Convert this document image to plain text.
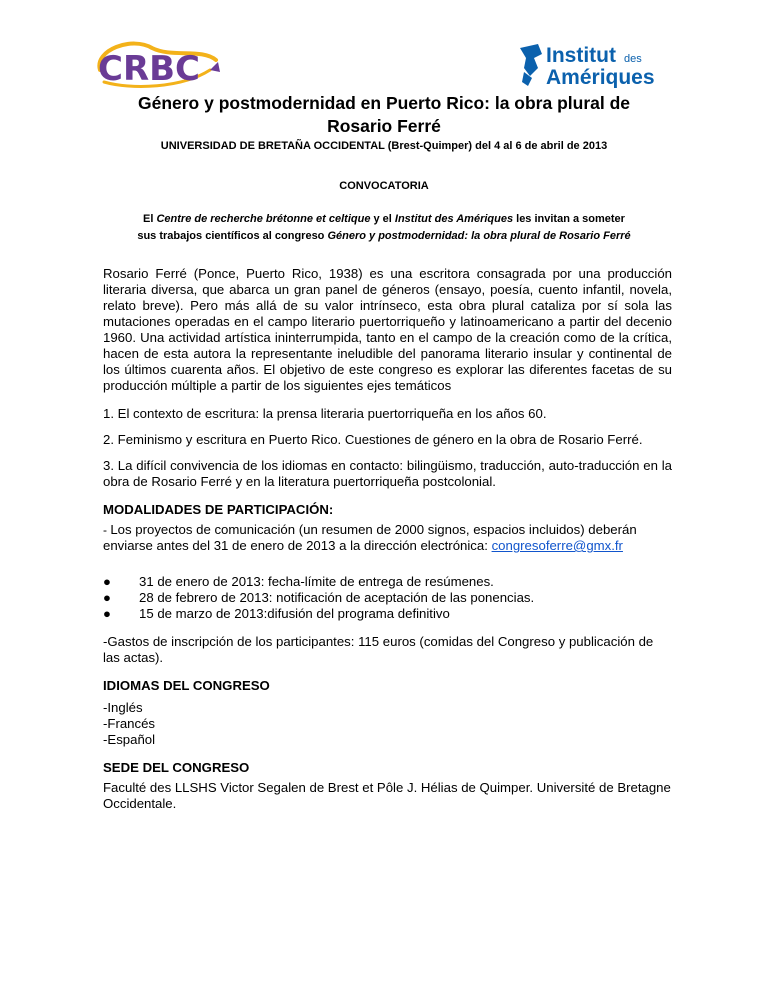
CRBC	Institut des
Amériques
Género y postmodernidad en Puerto Rico: la obra plural de
Rosario Ferré
UNIVERSIDAD DE BRETAÑA OCCIDENTAL (Brest-Quimper) del 4 al 6 de abril de 2013
CONVOCATORIA
El Centre de recherche brétonne et celtique y el Institut des Amériques les invitan a someter
sus trabajos científicos al congreso Género y postmodernidad: la obra plural de Rosario Ferré

Rosario Ferré (Ponce, Puerto Rico, 1938) es una escritora consagrada por una producción literaria diversa, que abarca un gran panel de géneros (ensayo, poesía, cuento infantil, novela, relato breve). Pero más allá de su valor intrínseco, esta obra plural cataliza por sí sola las mutaciones operadas en el campo literario puertorriqueño y latinoamericano a partir del decenio 1960. Una actividad artística ininterrumpida, tanto en el campo de la creación como de la crítica, hacen de esta autora la representante ineludible del panorama literario insular y continental de los últimos cuarenta años. El objetivo de este congreso es explorar las diferentes facetas de su producción múltiple a partir de los siguientes ejes temáticos

1. El contexto de escritura: la prensa literaria puertorriqueña en los años 60.

2. Feminismo y escritura en Puerto Rico. Cuestiones de género en la obra de Rosario Ferré.

3. La difícil convivencia de los idiomas en contacto: bilingüismo, traducción, auto-traducción en la obra de Rosario Ferré y en la literatura puertorriqueña postcolonial.

MODALIDADES DE PARTICIPACIÓN:

- Los proyectos de comunicación (un resumen de 2000 signos, espacios incluidos) deberán enviarse antes del 31 de enero de 2013 a la dirección electrónica: congresoferre@gmx.fr

● 31 de enero de 2013: fecha-límite de entrega de resúmenes.
● 28 de febrero de 2013: notificación de aceptación de las ponencias.
● 15 de marzo de 2013:difusión del programa definitivo

-Gastos de inscripción de los participantes: 115 euros (comidas del Congreso y publicación de las actas).

IDIOMAS DEL CONGRESO

-Inglés

-Francés

-Español

SEDE DEL CONGRESO

Faculté des LLSHS Victor Segalen de Brest et Pôle J. Hélias de Quimper. Université de Bretagne Occidentale.
